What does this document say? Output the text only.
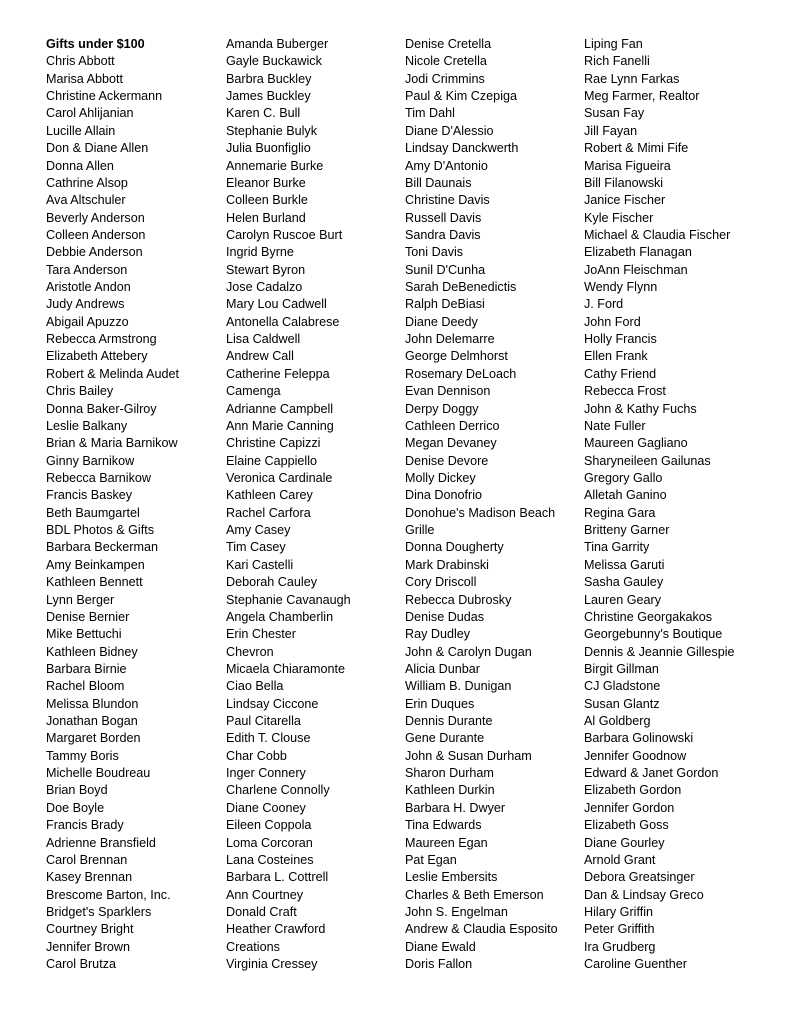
Gifts under $100
Chris Abbott
Marisa Abbott
Christine Ackermann
Carol Ahlijanian
Lucille Allain
Don & Diane Allen
Donna Allen
Cathrine Alsop
Ava Altschuler
Beverly Anderson
Colleen Anderson
Debbie Anderson
Tara Anderson
Aristotle Andon
Judy Andrews
Abigail Apuzzo
Rebecca Armstrong
Elizabeth Attebery
Robert & Melinda Audet
Chris Bailey
Donna Baker-Gilroy
Leslie Balkany
Brian & Maria Barnikow
Ginny Barnikow
Rebecca Barnikow
Francis Baskey
Beth Baumgartel
BDL Photos & Gifts
Barbara Beckerman
Amy Beinkampen
Kathleen Bennett
Lynn Berger
Denise Bernier
Mike Bettuchi
Kathleen Bidney
Barbara Birnie
Rachel Bloom
Melissa Blundon
Jonathan Bogan
Margaret Borden
Tammy Boris
Michelle Boudreau
Brian Boyd
Doe Boyle
Francis Brady
Adrienne Bransfield
Carol Brennan
Kasey Brennan
Brescome Barton, Inc.
Bridget's Sparklers
Courtney Bright
Jennifer Brown
Carol Brutza
Amanda Buberger
Gayle Buckawick
Barbra Buckley
James Buckley
Karen C. Bull
Stephanie Bulyk
Julia Buonfiglio
Annemarie Burke
Eleanor Burke
Colleen Burkle
Helen Burland
Carolyn Ruscoe Burt
Ingrid Byrne
Stewart Byron
Jose Cadalzo
Mary Lou Cadwell
Antonella Calabrese
Lisa Caldwell
Andrew Call
Catherine Feleppa
Camenga
Adrianne Campbell
Ann Marie Canning
Christine Capizzi
Elaine Cappiello
Veronica Cardinale
Kathleen Carey
Rachel Carfora
Amy Casey
Tim Casey
Kari Castelli
Deborah Cauley
Stephanie Cavanaugh
Angela Chamberlin
Erin Chester
Chevron
Micaela Chiaramonte
Ciao Bella
Lindsay Ciccone
Paul Citarella
Edith T. Clouse
Char Cobb
Inger Connery
Charlene Connolly
Diane Cooney
Eileen Coppola
Loma Corcoran
Lana Costeines
Barbara L. Cottrell
Ann Courtney
Donald Craft
Heather Crawford
Creations
Virginia Cressey
Denise Cretella
Nicole Cretella
Jodi Crimmins
Paul & Kim Czepiga
Tim Dahl
Diane D'Alessio
Lindsay Danckwerth
Amy D'Antonio
Bill Daunais
Christine Davis
Russell Davis
Sandra Davis
Toni Davis
Sunil D'Cunha
Sarah DeBenedictis
Ralph DeBiasi
Diane Deedy
John Delemarre
George Delmhorst
Rosemary DeLoach
Evan Dennison
Derpy Doggy
Cathleen Derrico
Megan Devaney
Denise Devore
Molly Dickey
Dina Donofrio
Donohue's Madison Beach
Grille
Donna Dougherty
Mark Drabinski
Cory Driscoll
Rebecca Dubrosky
Denise Dudas
Ray Dudley
John & Carolyn Dugan
Alicia Dunbar
William B. Dunigan
Erin Duques
Dennis Durante
Gene Durante
John & Susan Durham
Sharon Durham
Kathleen Durkin
Barbara H. Dwyer
Tina Edwards
Maureen Egan
Pat Egan
Leslie Embersits
Charles & Beth Emerson
John S. Engelman
Andrew & Claudia Esposito
Diane Ewald
Doris Fallon
Liping Fan
Rich Fanelli
Rae Lynn Farkas
Meg Farmer, Realtor
Susan Fay
Jill Fayan
Robert & Mimi Fife
Marisa Figueira
Bill Filanowski
Janice Fischer
Kyle Fischer
Michael & Claudia Fischer
Elizabeth Flanagan
JoAnn Fleischman
Wendy Flynn
J. Ford
John Ford
Holly Francis
Ellen Frank
Cathy Friend
Rebecca Frost
John & Kathy Fuchs
Nate Fuller
Maureen Gagliano
Sharyneileen Gailunas
Gregory Gallo
Alletah Ganino
Regina Gara
Britteny Garner
Tina Garrity
Melissa Garuti
Sasha Gauley
Lauren Geary
Christine Georgakakos
Georgebunny's Boutique
Dennis & Jeannie Gillespie
Birgit Gillman
CJ Gladstone
Susan Glantz
Al Goldberg
Barbara Golinowski
Jennifer Goodnow
Edward & Janet Gordon
Elizabeth Gordon
Jennifer Gordon
Elizabeth Goss
Diane Gourley
Arnold Grant
Debora Greatsinger
Dan & Lindsay Greco
Hilary Griffin
Peter Griffith
Ira Grudberg
Caroline Guenther
